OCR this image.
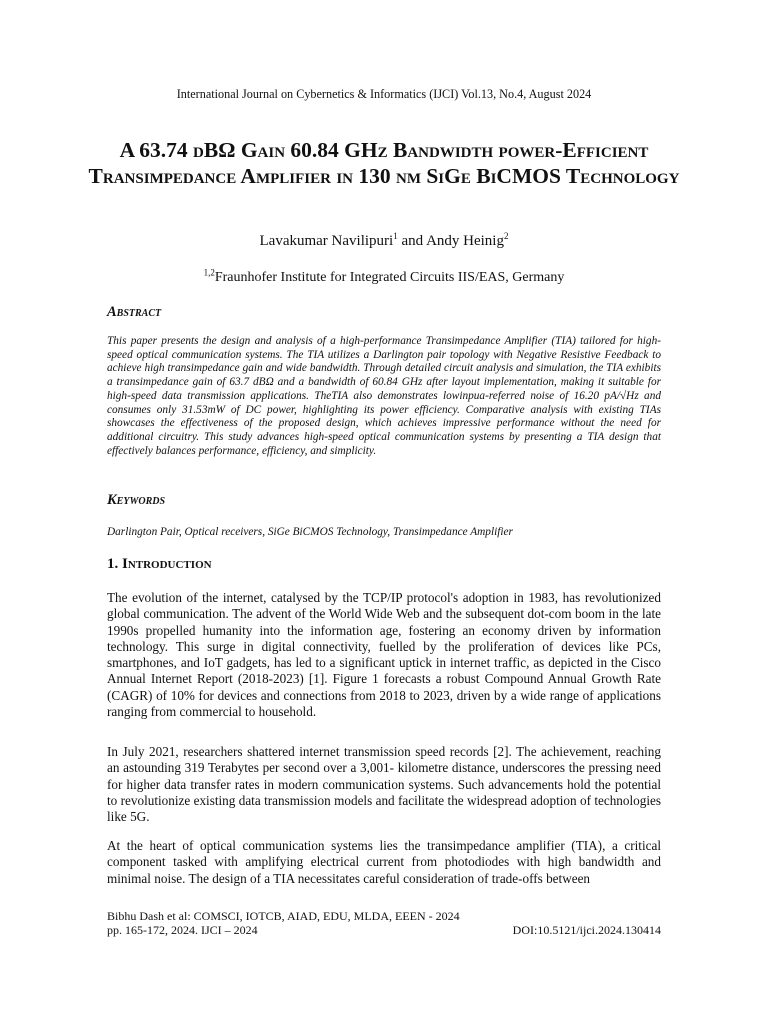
International Journal on Cybernetics & Informatics (IJCI) Vol.13, No.4, August 2024
A 63.74 dBΩ Gain 60.84 GHz Bandwidth power-Efficient Transimpedance Amplifier in 130 nm SiGe BiCMOS Technology
Lavakumar Navilipuri$^1$ and Andy Heinig$^2$
$^{1,2}$Fraunhofer Institute for Integrated Circuits IIS/EAS, Germany
Abstract

This paper presents the design and analysis of a high-performance Transimpedance Amplifier (TIA) tailored for high-speed optical communication systems. The TIA utilizes a Darlington pair topology with Negative Resistive Feedback to achieve high transimpedance gain and wide bandwidth. Through detailed circuit analysis and simulation, the TIA exhibits a transimpedance gain of 63.7 dBΩ and a bandwidth of 60.84 GHz after layout implementation, making it suitable for high-speed data transmission applications. TheTIA also demonstrates lowinpua-referred noise of 16.20 pA/√Hz and consumes only 31.53mW of DC power, highlighting its power efficiency. Comparative analysis with existing TIAs showcases the effectiveness of the proposed design, which achieves impressive performance without the need for additional circuitry. This study advances high-speed optical communication systems by presenting a TIA design that effectively balances performance, efficiency, and simplicity.

Keywords

Darlington Pair, Optical receivers, SiGe BiCMOS Technology, Transimpedance Amplifier

1. Introduction

The evolution of the internet, catalysed by the TCP/IP protocol's adoption in 1983, has revolutionized global communication. The advent of the World Wide Web and the subsequent dot-com boom in the late 1990s propelled humanity into the information age, fostering an economy driven by information technology. This surge in digital connectivity, fuelled by the proliferation of devices like PCs, smartphones, and IoT gadgets, has led to a significant uptick in internet traffic, as depicted in the Cisco Annual Internet Report (2018-2023) [1]. Figure 1 forecasts a robust Compound Annual Growth Rate (CAGR) of 10% for devices and connections from 2018 to 2023, driven by a wide range of applications ranging from commercial to household.

In July 2021, researchers shattered internet transmission speed records [2]. The achievement, reaching an astounding 319 Terabytes per second over a 3,001- kilometre distance, underscores the pressing need for higher data transfer rates in modern communication systems. Such advancements hold the potential to revolutionize existing data transmission models and facilitate the widespread adoption of technologies like 5G.

At the heart of optical communication systems lies the transimpedance amplifier (TIA), a critical component tasked with amplifying electrical current from photodiodes with high bandwidth and minimal noise. The design of a TIA necessitates careful consideration of trade-offs between

Bibhu Dash et al: COMSCI, IOTCB, AIAD, EDU, MLDA, EEEN - 2024
pp. 165-172, 2024. IJCI – 2024	DOI:10.5121/ijci.2024.130414
